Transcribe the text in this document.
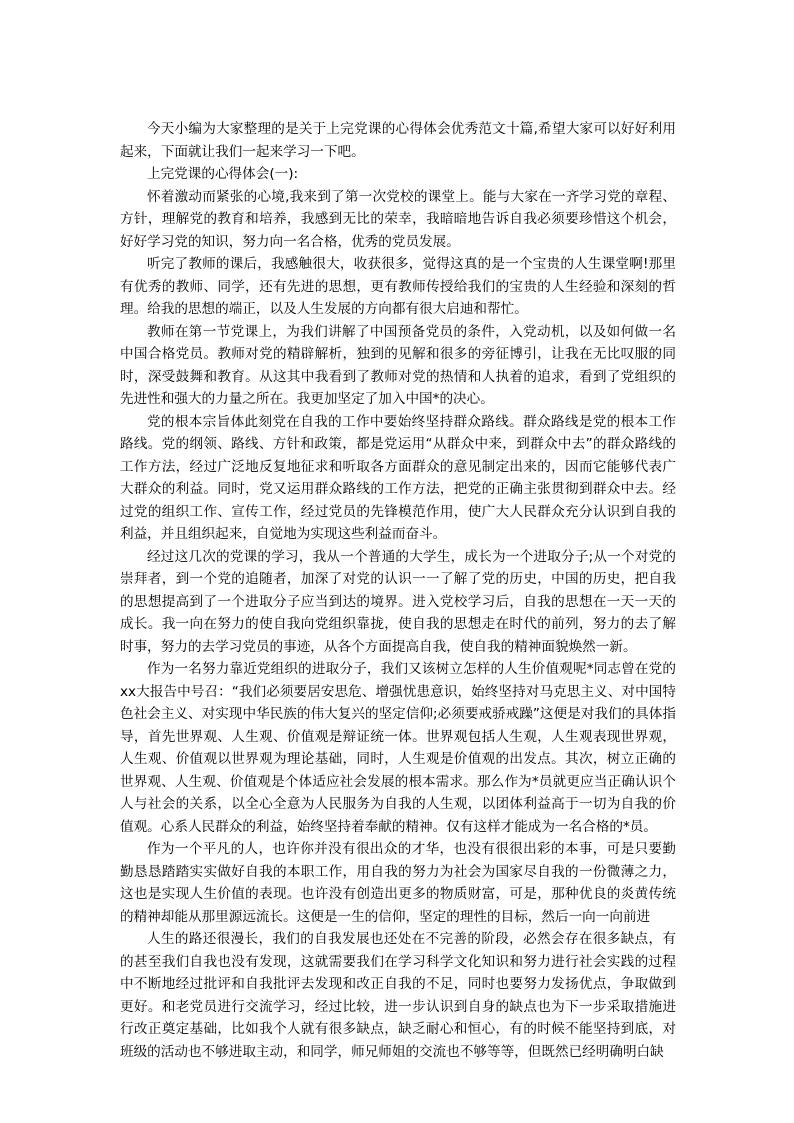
今天小编为大家整理的是关于上完党课的心得体会优秀范文十篇,希望大家可以好好利用起来，下面就让我们一起来学习一下吧。

上完党课的心得体会(一):

怀着激动而紧张的心境,我来到了第一次党校的课堂上。能与大家在一齐学习党的章程、方针，理解党的教育和培养，我感到无比的荣幸，我暗暗地告诉自我必须要珍惜这个机会，好好学习党的知识，努力向一名合格，优秀的党员发展。

听完了教师的课后，我感触很大，收获很多，觉得这真的是一个宝贵的人生课堂啊!那里有优秀的教师、同学，还有先进的思想，更有教师传授给我们的宝贵的人生经验和深刻的哲理。给我的思想的端正，以及人生发展的方向都有很大启迪和帮忙。

教师在第一节党课上，为我们讲解了中国预备党员的条件，入党动机，以及如何做一名中国合格党员。教师对党的精辟解析，独到的见解和很多的旁征博引，让我在无比叹服的同时，深受鼓舞和教育。从这其中我看到了教师对党的热情和人执着的追求，看到了党组织的先进性和强大的力量之所在。我更加坚定了加入中国*的决心。

党的根本宗旨体此刻党在自我的工作中要始终坚持群众路线。群众路线是党的根本工作路线。党的纲领、路线、方针和政策，都是党运用“从群众中来，到群众中去”的群众路线的工作方法，经过广泛地反复地征求和听取各方面群众的意见制定出来的，因而它能够代表广大群众的利益。同时，党又运用群众路线的工作方法，把党的正确主张贯彻到群众中去。经过党的组织工作、宣传工作，经过党员的先锋模范作用，使广大人民群众充分认识到自我的利益，并且组织起来，自觉地为实现这些利益而奋斗。

经过这几次的党课的学习，我从一个普通的大学生，成长为一个进取分子;从一个对党的崇拜者，到一个党的追随者，加深了对党的认识一一了解了党的历史，中国的历史，把自我的思想提高到了一个进取分子应当到达的境界。进入党校学习后，自我的思想在一天一天的成长。我一向在努力的使自我向党组织靠拢，使自我的思想走在时代的前列，努力的去了解时事，努力的去学习党员的事迹，从各个方面提高自我，使自我的精神面貌焕然一新。

作为一名努力靠近党组织的进取分子，我们又该树立怎样的人生价值观呢*同志曾在党的xx大报告中号召：“我们必须要居安思危、增强忧患意识，始终坚持对马克思主义、对中国特色社会主义、对实现中华民族的伟大复兴的坚定信仰;必须要戒骄戒躁”这便是对我们的具体指导，首先世界观、人生观、价值观是辩证统一体。世界观包括人生观，人生观表现世界观，人生观、价值观以世界观为理论基础，同时，人生观是价值观的出发点。其次，树立正确的世界观、人生观、价值观是个体适应社会发展的根本需求。那么作为*员就更应当正确认识个人与社会的关系，以全心全意为人民服务为自我的人生观，以团体利益高于一切为自我的价值观。心系人民群众的利益，始终坚持着奉献的精神。仅有这样才能成为一名合格的*员。

作为一个平凡的人，也许你并没有很出众的才华，也没有很很出彩的本事，可是只要勤勤恳恳踏踏实实做好自我的本职工作，用自我的努力为社会为国家尽自我的一份微薄之力，这也是实现人生价值的表现。也许没有创造出更多的物质财富，可是，那种优良的炎黄传统的精神却能从那里源远流长。这便是一生的信仰，坚定的理性的目标，然后一向一向前进

人生的路还很漫长，我们的自我发展也还处在不完善的阶段，必然会存在很多缺点，有的甚至我们自我也没有发现，这就需要我们在学习科学文化知识和努力进行社会实践的过程中不断地经过批评和自我批评去发现和改正自我的不足，同时也要努力发扬优点，争取做到更好。和老党员进行交流学习，经过比较，进一步认识到自身的缺点也为下一步采取措施进行改正奠定基础，比如我个人就有很多缺点，缺乏耐心和恒心，有的时候不能坚持到底，对班级的活动也不够进取主动，和同学，师兄师姐的交流也不够等等，但既然已经明确明白缺
